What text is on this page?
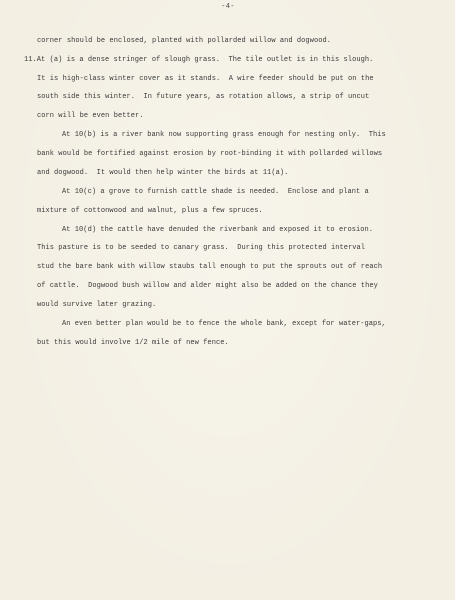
-4-
corner should be enclosed, planted with pollarded willow and dogwood.
11.At (a) is a dense stringer of slough grass.  The tile outlet is in this slough.
It is high-class winter cover as it stands.  A wire feeder should be put on the
south side this winter.  In future years, as rotation allows, a strip of uncut
corn will be even better.
At 10(b) is a river bank now supporting grass enough for nesting only.  This
bank would be fortified against erosion by root-binding it with pollarded willows
and dogwood.  It would then help winter the birds at 11(a).
At 10(c) a grove to furnish cattle shade is needed.  Enclose and plant a
mixture of cottonwood and walnut, plus a few spruces.
At 10(d) the cattle have denuded the riverbank and exposed it to erosion.
This pasture is to be seeded to canary grass.  During this protected interval
stud the bare bank with willow staubs tall enough to put the sprouts out of reach
of cattle.  Dogwood bush willow and alder might also be added on the chance they
would survive later grazing.
An even better plan would be to fence the whole bank, except for water-gaps,
but this would involve 1/2 mile of new fence.
